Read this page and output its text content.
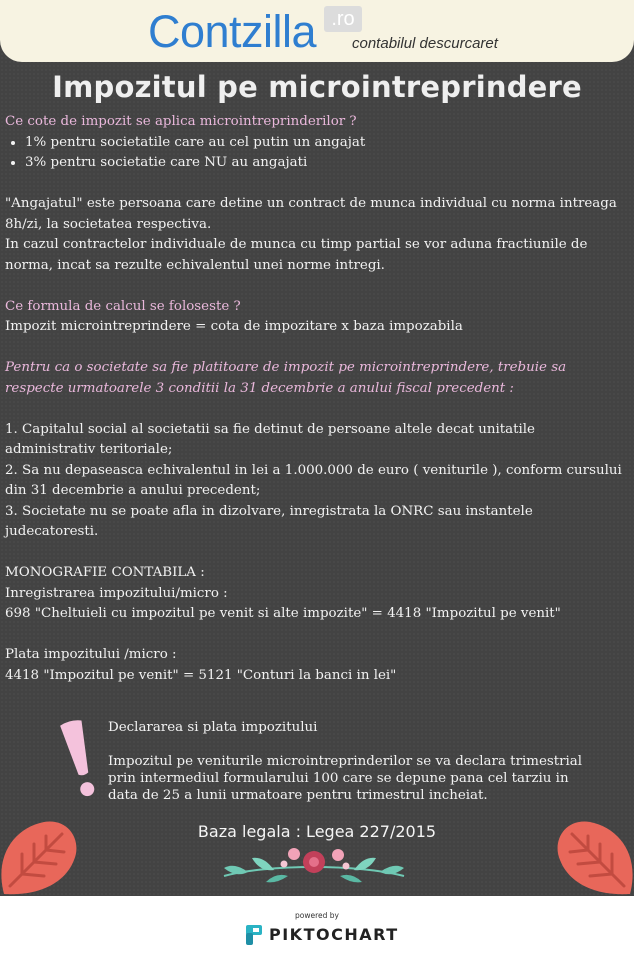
Contzilla .ro
contabilul descurcaret
Impozitul pe microintreprindere

Ce cote de impozit se aplica microintreprinderilor ?

• 1% pentru societatile care au cel putin un angajat
• 3% pentru societatie care NU au angajati

"Angajatul" este persoana care detine un contract de munca individual cu norma intreaga 8h/zi, la societatea respectiva.

In cazul contractelor individuale de munca cu timp partial se vor aduna fractiunile de norma, incat sa rezulte echivalentul unei norme intregi.

Ce formula de calcul se foloseste ?

Impozit microintreprindere = cota de impozitare x baza impozabila

Pentru ca o societate sa fie platitoare de impozit pe microintreprindere, trebuie sa respecte urmatoarele 3 conditii la 31 decembrie a anului fiscal precedent :

1. Capitalul social al societatii sa fie detinut de persoane altele decat unitatile administrativ teritoriale;

2. Sa nu depaseasca echivalentul in lei a 1.000.000 de euro ( veniturile ), conform cursului din 31 decembrie a anului precedent;

3. Societate nu se poate afla in dizolvare, inregistrata la ONRC sau instantele judecatoresti.

MONOGRAFIE CONTABILA :

Inregistrarea impozitului/micro :

698 "Cheltuieli cu impozitul pe venit si alte impozite" = 4418 "Impozitul pe venit"

Plata impozitului /micro :

4418 "Impozitul pe venit" = 5121 "Conturi la banci in lei"

Declararea si plata impozitului

Impozitul pe veniturile microintreprinderilor se va declara trimestrial prin intermediul formularului 100 care se depune pana cel tarziu in data de 25 a lunii urmatoare pentru trimestrul incheiat.

Baza legala : Legea 227/2015
powered by
PIKTOCHART
